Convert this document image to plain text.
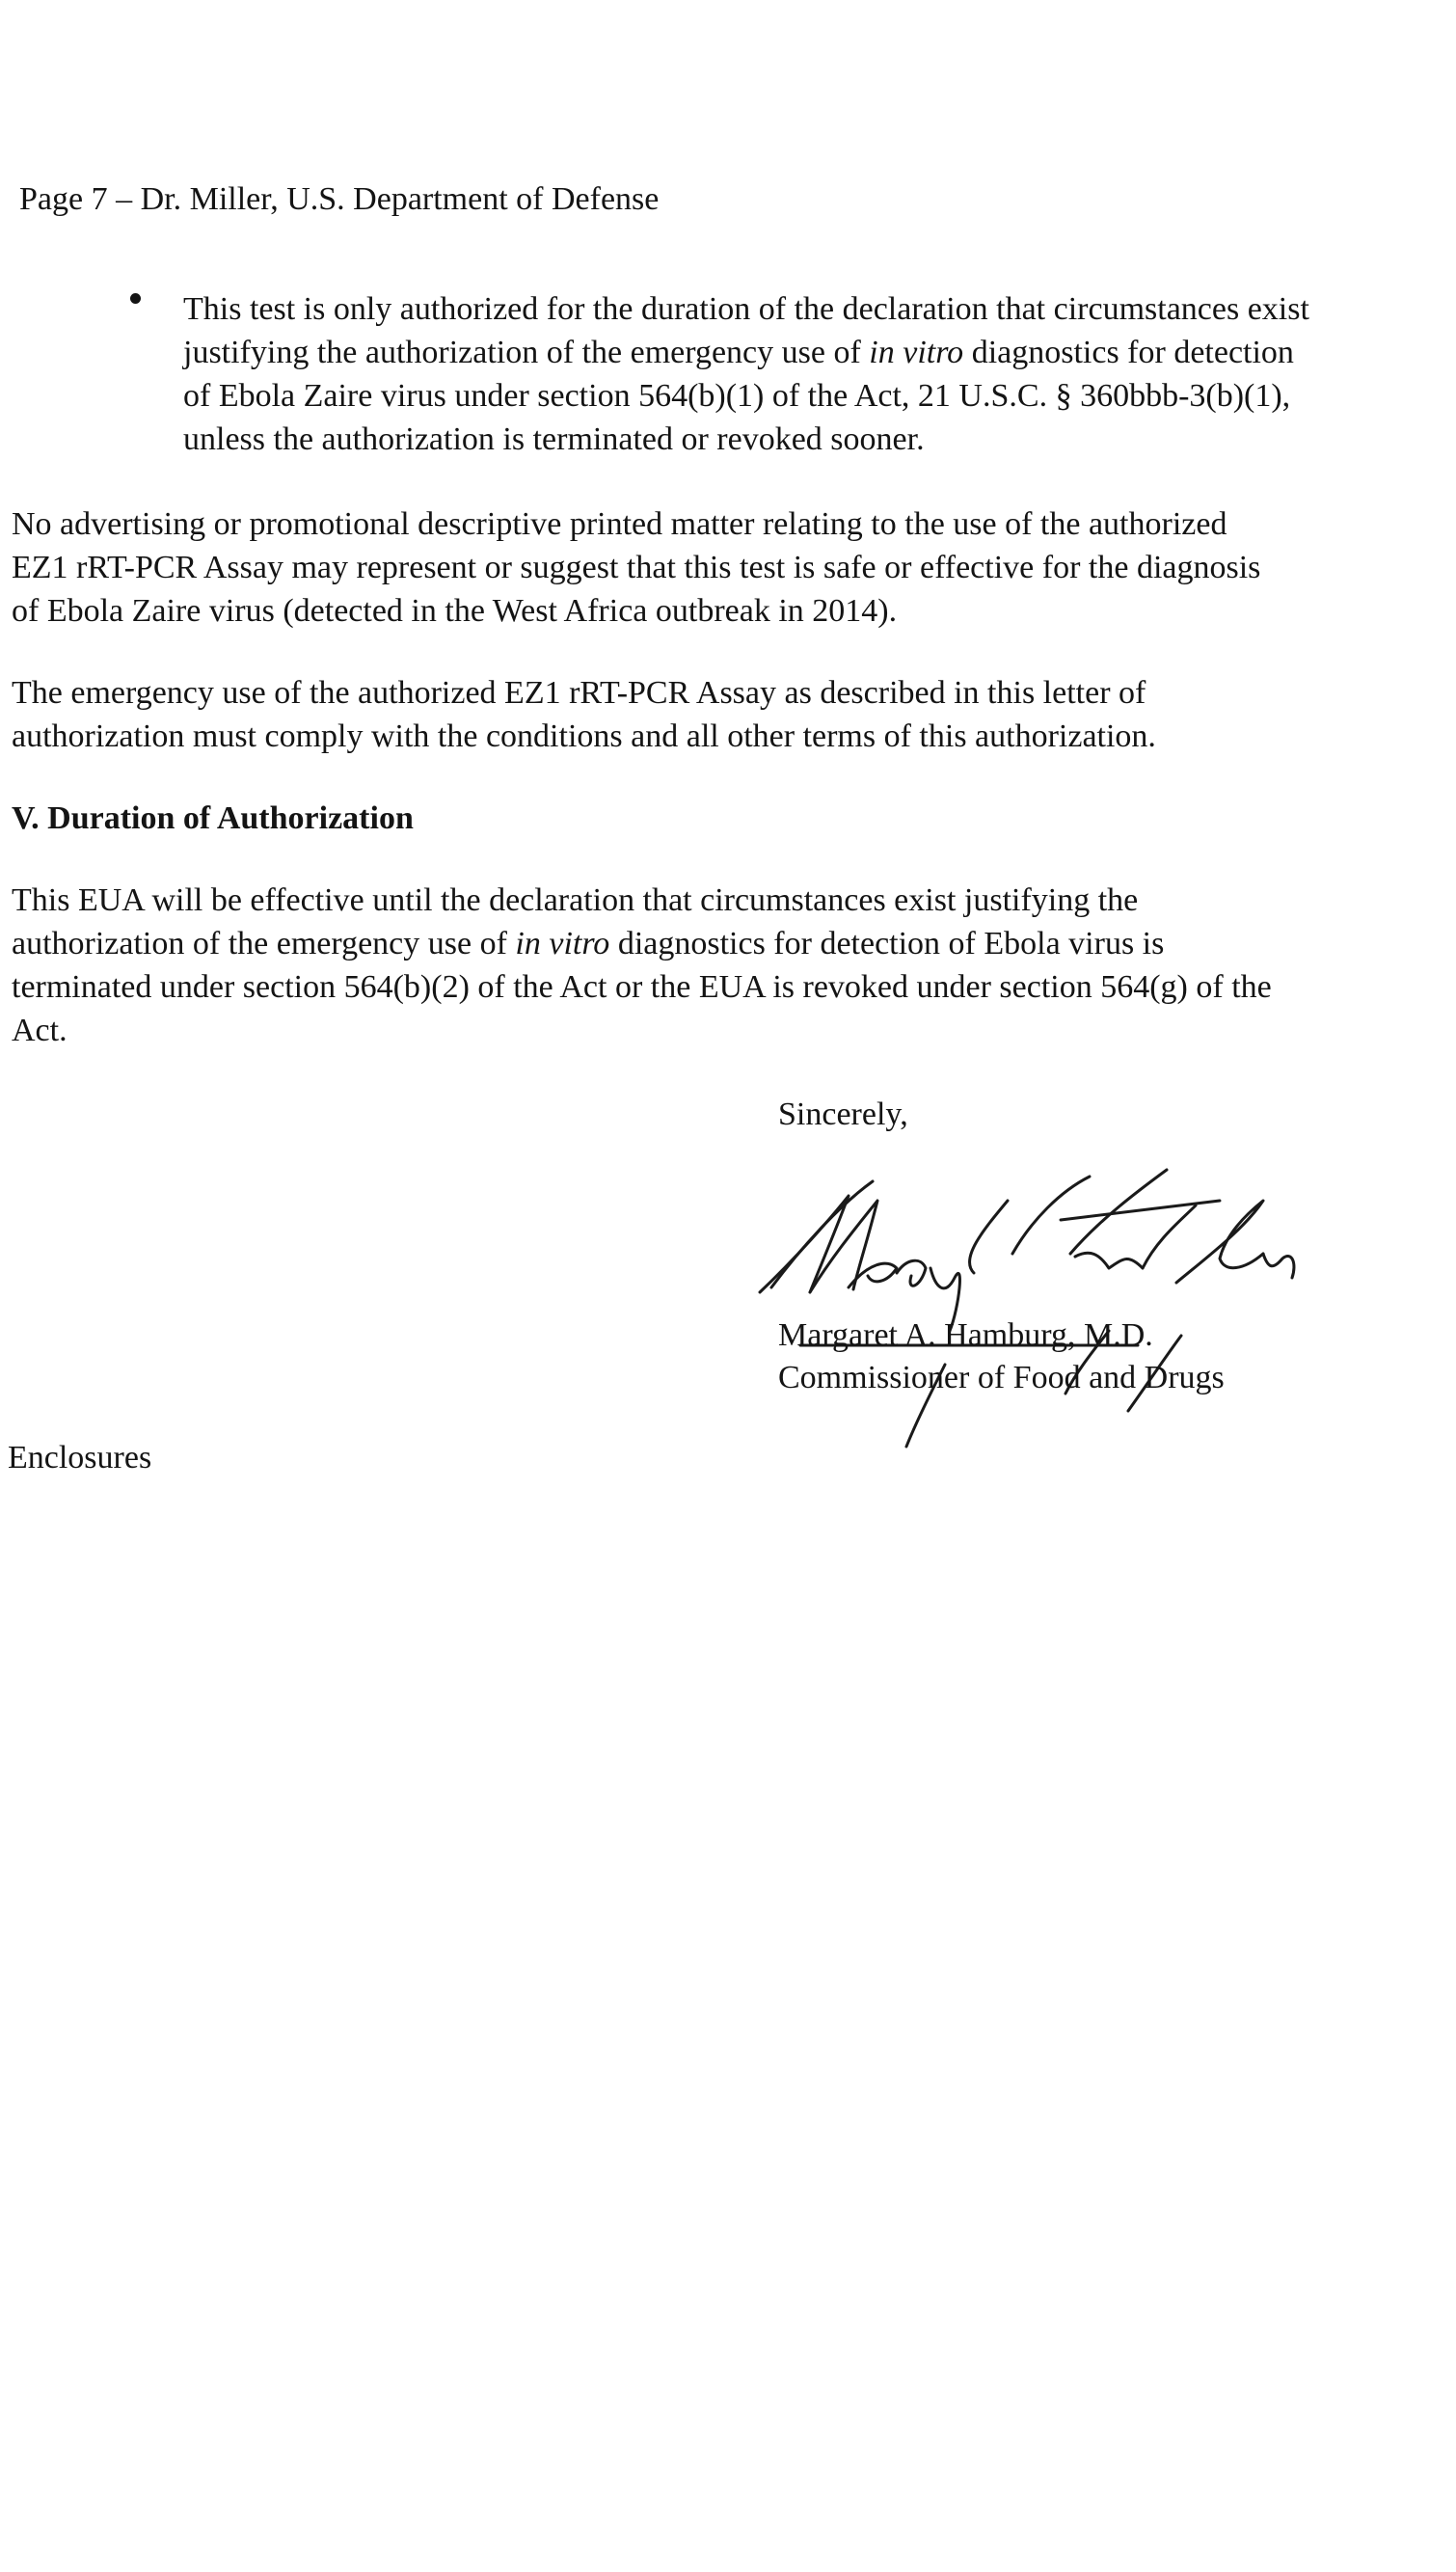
Page 7 – Dr. Miller, U.S. Department of Defense
This test is only authorized for the duration of the declaration that circumstances exist
justifying the authorization of the emergency use of in vitro diagnostics for detection
of Ebola Zaire virus under section 564(b)(1) of the Act, 21 U.S.C. § 360bbb-3(b)(1),
unless the authorization is terminated or revoked sooner.
No advertising or promotional descriptive printed matter relating to the use of the authorized
EZ1 rRT-PCR Assay may represent or suggest that this test is safe or effective for the diagnosis
of Ebola Zaire virus (detected in the West Africa outbreak in 2014).
The emergency use of the authorized EZ1 rRT-PCR Assay as described in this letter of
authorization must comply with the conditions and all other terms of this authorization.
V. Duration of Authorization
This EUA will be effective until the declaration that circumstances exist justifying the
authorization of the emergency use of in vitro diagnostics for detection of Ebola virus is
terminated under section 564(b)(2) of the Act or the EUA is revoked under section 564(g) of the
Act.
Sincerely,
Margaret A. Hamburg, M.D.
Commissioner of Food and Drugs
Enclosures
